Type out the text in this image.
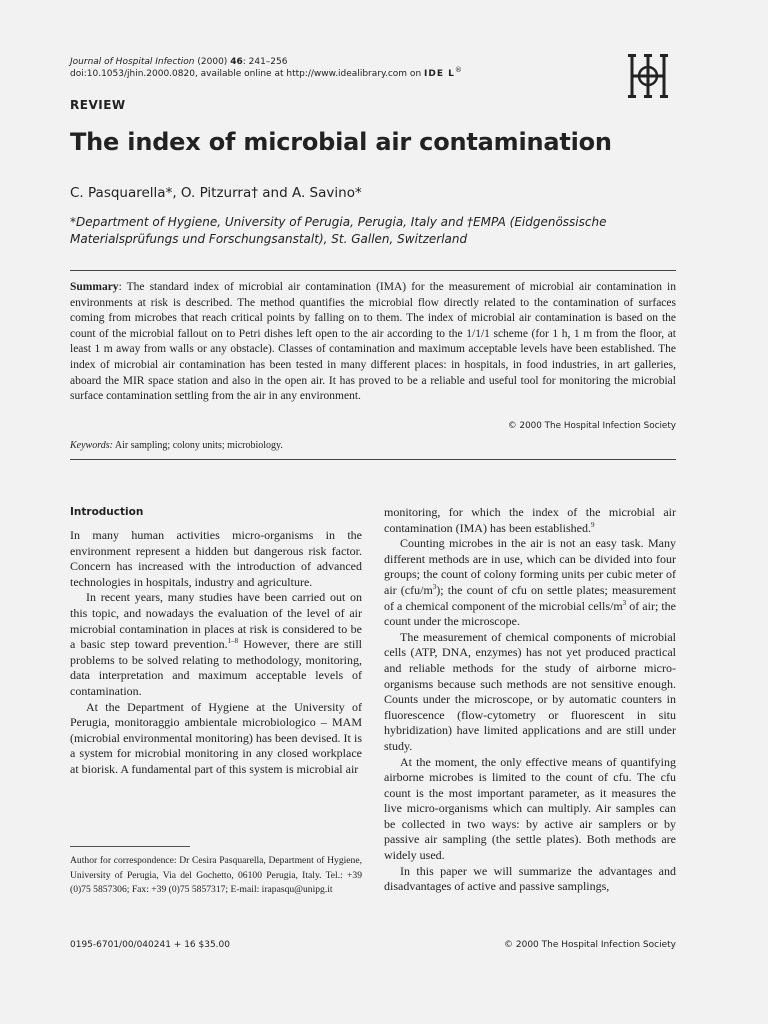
Journal of Hospital Infection (2000) 46: 241–256
doi:10.1053/jhin.2000.0820, available online at http://www.idealibrary.com on IDE L®
REVIEW
The index of microbial air contamination
C. Pasquarella*, O. Pitzurra† and A. Savino*
*Department of Hygiene, University of Perugia, Perugia, Italy and †EMPA (Eidgenössische Materialsprüfungs und Forschungsanstalt), St. Gallen, Switzerland

Summary: The standard index of microbial air contamination (IMA) for the measurement of microbial air contamination in environments at risk is described. The method quantifies the microbial flow directly related to the contamination of surfaces coming from microbes that reach critical points by falling on to them. The index of microbial air contamination is based on the count of the microbial fallout on to Petri dishes left open to the air according to the 1/1/1 scheme (for 1 h, 1 m from the floor, at least 1 m away from walls or any obstacle). Classes of contamination and maximum acceptable levels have been established. The index of microbial air contamination has been tested in many different places: in hospitals, in food industries, in art galleries, aboard the MIR space station and also in the open air. It has proved to be a reliable and useful tool for monitoring the microbial surface contamination settling from the air in any environment.

© 2000 The Hospital Infection Society
Keywords: Air sampling; colony units; microbiology.
Introduction

In many human activities micro-organisms in the environment represent a hidden but dangerous risk factor. Concern has increased with the introduction of advanced technologies in hospitals, industry and agriculture.

In recent years, many studies have been carried out on this topic, and nowadays the evaluation of the level of air microbial contamination in places at risk is considered to be a basic step toward prevention.$^{1-8}$ However, there are still problems to be solved relating to methodology, monitoring, data interpretation and maximum acceptable levels of contamination.

At the Department of Hygiene at the University of Perugia, monitoraggio ambientale microbiologico – MAM (microbial environmental monitoring) has been devised. It is a system for microbial monitoring in any closed workplace at biorisk. A fundamental part of this system is microbial air

Author for correspondence: Dr Cesira Pasquarella, Department of Hygiene, University of Perugia, Via del Gochetto, 06100 Perugia, Italy. Tel.: +39 (0)75 5857306; Fax: +39 (0)75 5857317; E-mail: irapasqu@unipg.it

monitoring, for which the index of the microbial air contamination (IMA) has been established.$^9$

Counting microbes in the air is not an easy task. Many different methods are in use, which can be divided into four groups; the count of colony forming units per cubic meter of air $(cfu/m^3)$; the count of cfu on settle plates; measurement of a chemical component of the microbial cells/$m^3$ of air; the count under the microscope.

The measurement of chemical components of microbial cells (ATP, DNA, enzymes) has not yet produced practical and reliable methods for the study of airborne micro-organisms because such methods are not sensitive enough. Counts under the microscope, or by automatic counters in fluorescence (flow-cytometry or fluorescent in situ hybridization) have limited applications and are still under study.

At the moment, the only effective means of quantifying airborne microbes is limited to the count of cfu. The cfu count is the most important parameter, as it measures the live micro-organisms which can multiply. Air samples can be collected in two ways: by active air samplers or by passive air sampling (the settle plates). Both methods are widely used.

In this paper we will summarize the advantages and disadvantages of active and passive samplings,

0195-6701/00/040241 + 16 $35.00	© 2000 The Hospital Infection Society
